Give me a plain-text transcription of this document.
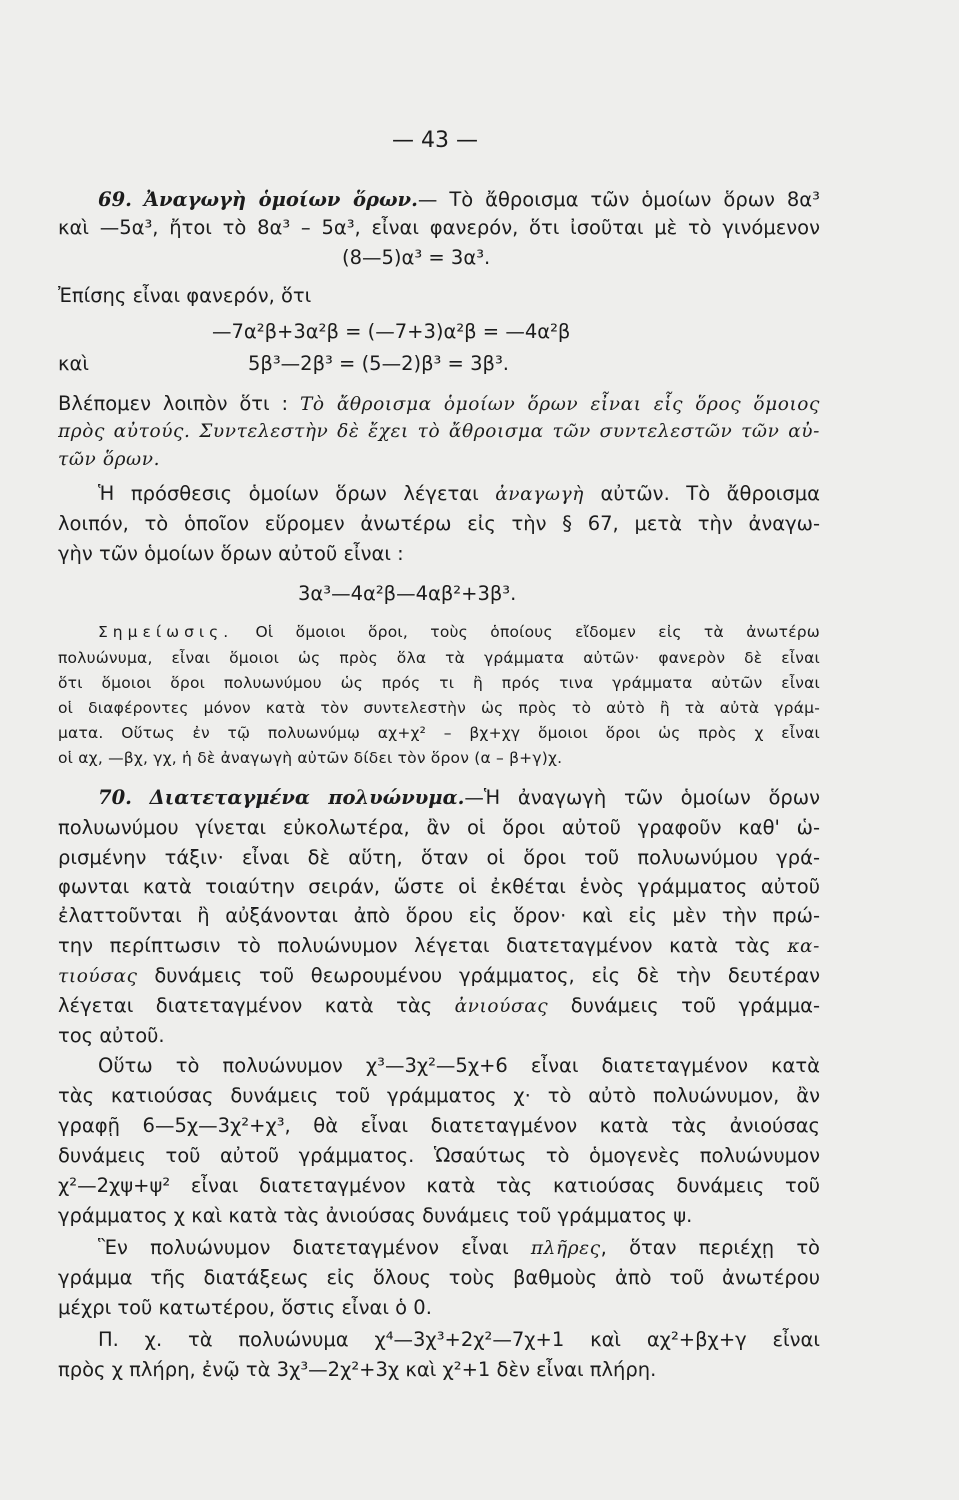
— 43 —
69. Ἀναγωγὴ ὁμοίων ὅρων.— Τὸ ἄθροισμα τῶν ὁμοίων ὅρων 8α³
καὶ —5α³, ἤτοι τὸ 8α³ – 5α³, εἶναι φανερόν, ὅτι ἰσοῦται μὲ τὸ γινόμενον
(8—5)α³ = 3α³.
Ἐπίσης εἶναι φανερόν, ὅτι
—7α²β+3α²β = (—7+3)α²β = —4α²β
καὶ	5β³—2β³ = (5—2)β³ = 3β³.
Βλέπομεν λοιπὸν ὅτι : Τὸ ἄθροισμα ὁμοίων ὅρων εἶναι εἷς ὅρος ὅμοιος
πρὸς αὐτούς. Συντελεστὴν δὲ ἔχει τὸ ἄθροισμα τῶν συντελεστῶν τῶν αὐ-
τῶν ὅρων.
Ἡ πρόσθεσις ὁμοίων ὅρων λέγεται ἀναγωγὴ αὐτῶν. Τὸ ἄθροισμα
λοιπόν, τὸ ὁποῖον εὕρομεν ἀνωτέρω εἰς τὴν § 67, μετὰ τὴν ἀναγω-
γὴν τῶν ὁμοίων ὅρων αὐτοῦ εἶναι :
3α³—4α²β—4αβ²+3β³.
Σημείωσις. Οἱ ὅμοιοι ὅροι, τοὺς ὁποίους εἴδομεν εἰς τὰ ἀνωτέρω
πολυώνυμα, εἶναι ὅμοιοι ὡς πρὸς ὅλα τὰ γράμματα αὐτῶν· φανερὸν δὲ εἶναι
ὅτι ὅμοιοι ὅροι πολυωνύμου ὡς πρός τι ἢ πρός τινα γράμματα αὐτῶν εἶναι
οἱ διαφέροντες μόνον κατὰ τὸν συντελεστὴν ὡς πρὸς τὸ αὐτὸ ἢ τὰ αὐτὰ γράμ-
ματα. Οὕτως ἐν τῷ πολυωνύμῳ αχ+χ² – βχ+χγ ὅμοιοι ὅροι ὡς πρὸς χ εἶναι
οἱ αχ, —βχ, γχ, ἡ δὲ ἀναγωγὴ αὐτῶν δίδει τὸν ὅρον (α – β+γ)χ.
70. Διατεταγμένα πολυώνυμα.—Ἡ ἀναγωγὴ τῶν ὁμοίων ὅρων
πολυωνύμου γίνεται εὐκολωτέρα, ἂν οἱ ὅροι αὐτοῦ γραφοῦν καθ' ὡ-
ρισμένην τάξιν· εἶναι δὲ αὕτη, ὅταν οἱ ὅροι τοῦ πολυωνύμου γρά-
φωνται κατὰ τοιαύτην σειράν, ὥστε οἱ ἐκθέται ἑνὸς γράμματος αὐτοῦ
ἐλαττοῦνται ἢ αὐξάνονται ἀπὸ ὅρου εἰς ὅρον· καὶ εἰς μὲν τὴν πρώ-
την περίπτωσιν τὸ πολυώνυμον λέγεται διατεταγμένον κατὰ τὰς κα-
τιούσας δυνάμεις τοῦ θεωρουμένου γράμματος, εἰς δὲ τὴν δευτέραν
λέγεται διατεταγμένον κατὰ τὰς ἀνιούσας δυνάμεις τοῦ γράμμα-
τος αὐτοῦ.
Οὕτω τὸ πολυώνυμον χ³—3χ²—5χ+6 εἶναι διατεταγμένον κατὰ
τὰς κατιούσας δυνάμεις τοῦ γράμματος χ· τὸ αὐτὸ πολυώνυμον, ἂν
γραφῇ 6—5χ—3χ²+χ³, θὰ εἶναι διατεταγμένον κατὰ τὰς ἀνιούσας
δυνάμεις τοῦ αὐτοῦ γράμματος. Ὡσαύτως τὸ ὁμογενὲς πολυώνυμον
χ²—2χψ+ψ² εἶναι διατεταγμένον κατὰ τὰς κατιούσας δυνάμεις τοῦ
γράμματος χ καὶ κατὰ τὰς ἀνιούσας δυνάμεις τοῦ γράμματος ψ.
Ἓν πολυώνυμον διατεταγμένον εἶναι πλῆρες, ὅταν περιέχῃ τὸ
γράμμα τῆς διατάξεως εἰς ὅλους τοὺς βαθμοὺς ἀπὸ τοῦ ἀνωτέρου
μέχρι τοῦ κατωτέρου, ὅστις εἶναι ὁ 0.
Π. χ. τὰ πολυώνυμα χ⁴—3χ³+2χ²—7χ+1 καὶ αχ²+βχ+γ εἶναι
πρὸς χ πλήρη, ἐνῷ τὰ 3χ³—2χ²+3χ καὶ χ²+1 δὲν εἶναι πλήρη.
